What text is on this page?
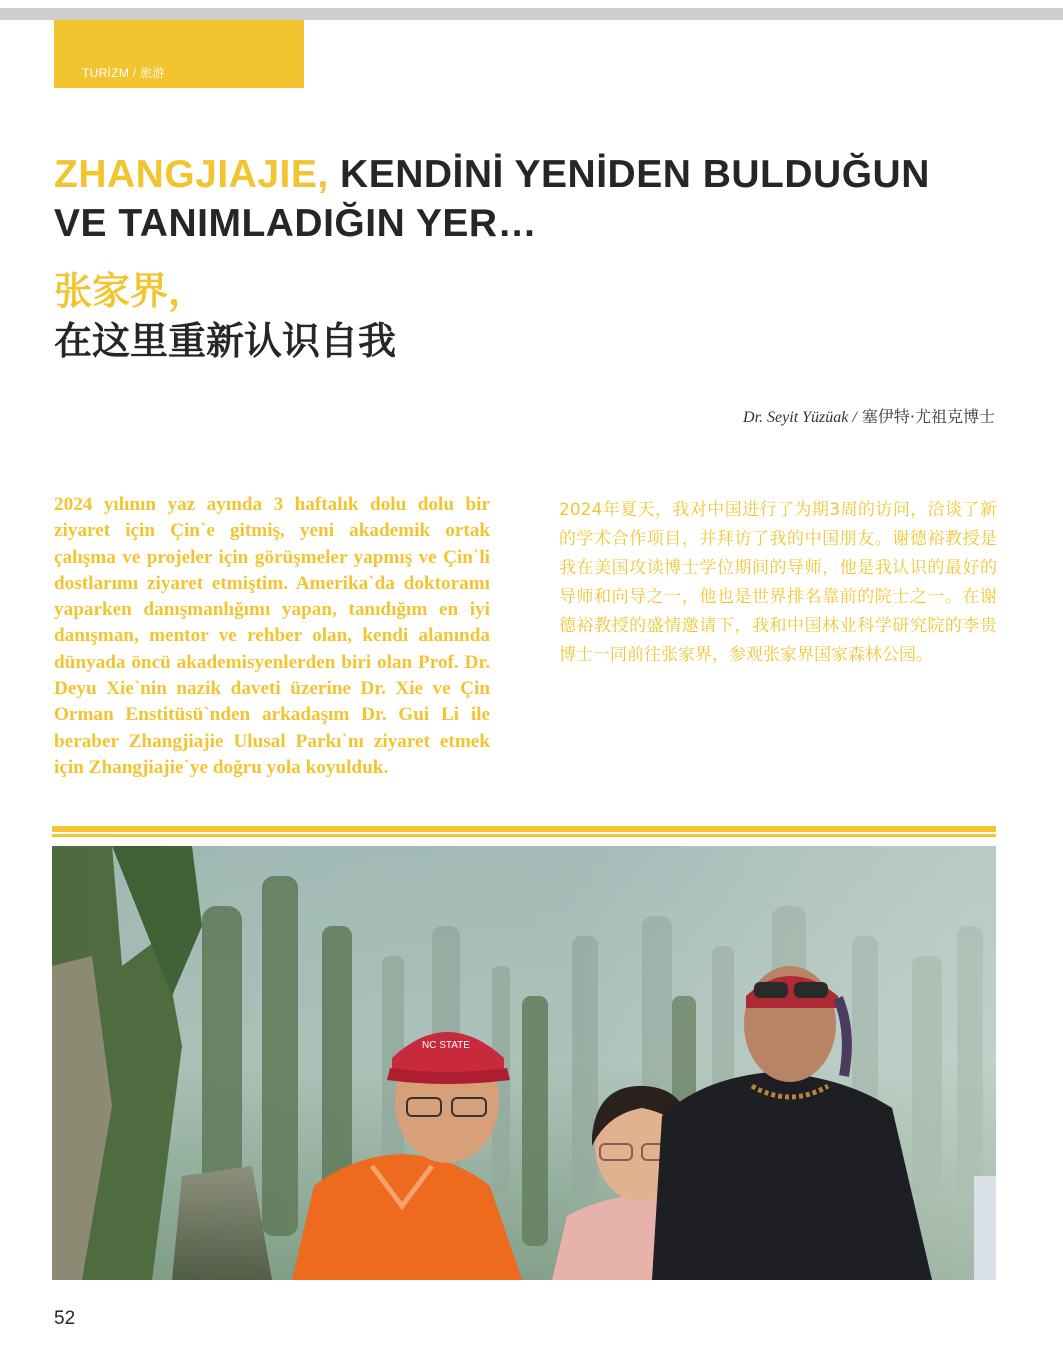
TURİZM / 旅游
ZHANGJIAJIE, KENDİNİ YENİDEN BULDUĞUN
VE TANIMLADIĞIN YER…
张家界，
在这里重新认识自我
Dr. Seyit Yüzüak / 塞伊特·尤祖克博士

2024 yılının yaz ayında 3 haftalık dolu dolu bir ziyaret için Çin`e gitmiş, yeni akademik ortak çalışma ve projeler için görüşmeler yapmış ve Çin`li dostlarımı ziyaret etmiştim. Amerika`da doktoramı yaparken danışmanlığımı yapan, tanıdığım en iyi danışman, mentor ve rehber olan, kendi alanında dünyada öncü akademisyenlerden biri olan Prof. Dr. Deyu Xie`nin nazik daveti üzerine Dr. Xie ve Çin Orman Enstitüsü`nden arkadaşım Dr. Gui Li ile beraber Zhangjiajie Ulusal Parkı`nı ziyaret etmek için Zhangjiajie`ye doğru yola koyulduk.

2024年夏天，我对中国进行了为期3周的访问，洽谈了新的学术合作项目，并拜访了我的中国朋友。谢德裕教授是我在美国攻读博士学位期间的导师，他是我认识的最好的导师和向导之一，他也是世界排名靠前的院士之一。在谢德裕教授的盛情邀请下，我和中国林业科学研究院的李贵博士一同前往张家界，参观张家界国家森林公园。

NC STATE
52
